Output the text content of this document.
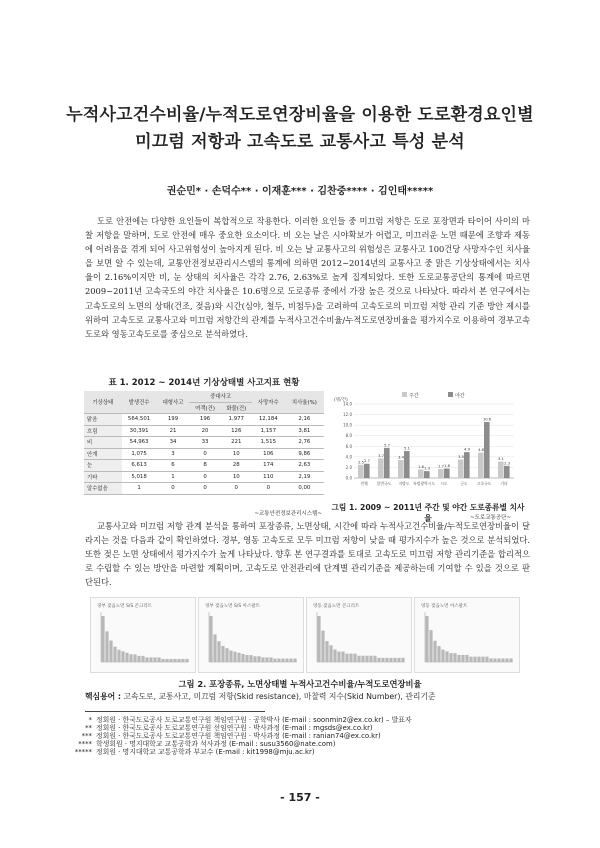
누적사고건수비율/누적도로연장비율을 이용한 도로환경요인별
미끄럼 저항과 고속도로 교통사고 특성 분석
권순민* · 손덕수** · 이재훈*** · 김찬중**** · 김인태*****

도로 안전에는 다양한 요인들이 복합적으로 작용한다. 이러한 요인들 중 미끄럼 저항은 도로 포장면과 타이어 사이의 마찰 저항을 말하며, 도로 안전에 매우 중요한 요소이다. 비 오는 날은 시야확보가 어렵고, 미끄러운 노면 때문에 조향과 제동에 어려움을 겪게 되어 사고위험성이 높아지게 된다. 비 오는 날 교통사고의 위험성은 교통사고 100건당 사망자수인 치사율을 보면 알 수 있는데, 교통안전정보관리시스템의 통계에 의하면 2012~2014년의 교통사고 중 맑은 기상상태에서는 치사율이 2.16%이지만 비, 눈 상태의 치사율은 각각 2.76, 2.63%로 높게 집계되었다. 또한 도로교통공단의 통계에 따르면 2009~2011년 고속국도의 야간 치사율은 10.6명으로 도로종류 중에서 가장 높은 것으로 나타났다. 따라서 본 연구에서는 고속도로의 노면의 상태(건조, 젖음)와 시간(심야, 철두, 비첨두)을 고려하여 고속도로의 미끄럼 저항 관리 기준 방안 제시를 위하여 고속도로 교통사고와 미끄럼 저항간의 관계를 누적사고건수비율/누적도로연장비율을 평가지수로 이용하여 경부고속도로와 영동고속도로를 중심으로 분석하였다.

표 1. 2012 ~ 2014년 기상상태별 사고지표 현황
기상상태	발생건수	대형사고	중대사고		사망자수	치사율(%)
			여객(건)	화물(건)		
맑음	564,501	199	196	1,977	12,184	2,16
흐림	30,391	21	20	126	1,157	3,81
비	54,963	34	33	221	1,515	2,76
안개	1,075	3	0	10	106	9,86
눈	6,613	6	8	28	174	2,63
기타	5,018	1	0	10	110	2,19
알수없음	1	0	0	0	0	0,00
~교통안전정보관리시스템~
주간	야간
(명/건)
0.0
2.0
4.0
6.0
8.0
10.0
12.0
14.0
2.5 2.7
전체
3.7
5.7
일반국도
3.4
5.1
지방도
1.6 1.3
특별광역시도
1.7 1.8
시도
3.5
4.9
군도
4.8
10.6
고속국도
3.1
2.3
기타
그림 1. 2009 ~ 2011년 주간 및 야간 도로종류별 치사율	~도로교통공단~

교통사고와 미끄럼 저항 관계 분석을 통하여 포장종류, 노면상태, 시간에 따라 누적사고건수비율/누적도로연장비율이 달라지는 것을 다음과 같이 확인하였다. 경부, 영동 고속도로 모두 미끄럼 저항이 낮을 때 평가지수가 높은 것으로 분석되었다. 또한 젖은 노면 상태에서 평가지수가 높게 나타났다. 향후 본 연구결과를 토대로 고속도로 미끄럼 저항 관리기준을 합리적으로 수립할 수 있는 방안을 마련할 계획이며, 고속도로 안전관리에 단계별 관리기준을 제공하는데 기여할 수 있을 것으로 판단된다.

경부 젖음노면 S/S 콘크리트	경부 젖음노면 S/S 아스팔트	영동 젖음노면 콘크리트	영동 젖음노면 아스팔트
그림 2. 포장종류, 노면상태별 누적사고건수비율/누적도로연장비율
핵심용어 : 고속도로, 교통사고, 미끄럼 저항(Skid resistance), 마찰력 지수(Skid Number), 관리기준
- 157 -
* 정회원 · 한국도로공사 도로교통연구원 책임연구원 · 공학박사 (E-mail : soonmin2@ex.co.kr) – 발표자
** 정회원 · 한국도로공사 도로교통연구원 선임연구원 · 박사과정 (E-mail : mgsds@ex.co.kr)
*** 정회원 · 한국도로공사 도로교통연구원 책임연구원 · 박사과정 (E-mail : ranian74@ex.co.kr)
**** 학생회원 · 명지대학교 교통공학과 석사과정 (E-mail : susu3560@nate.com)
***** 정회원 · 명지대학교 교통공학과 부교수 (E-mail : kit1998@mju.ac.kr)
